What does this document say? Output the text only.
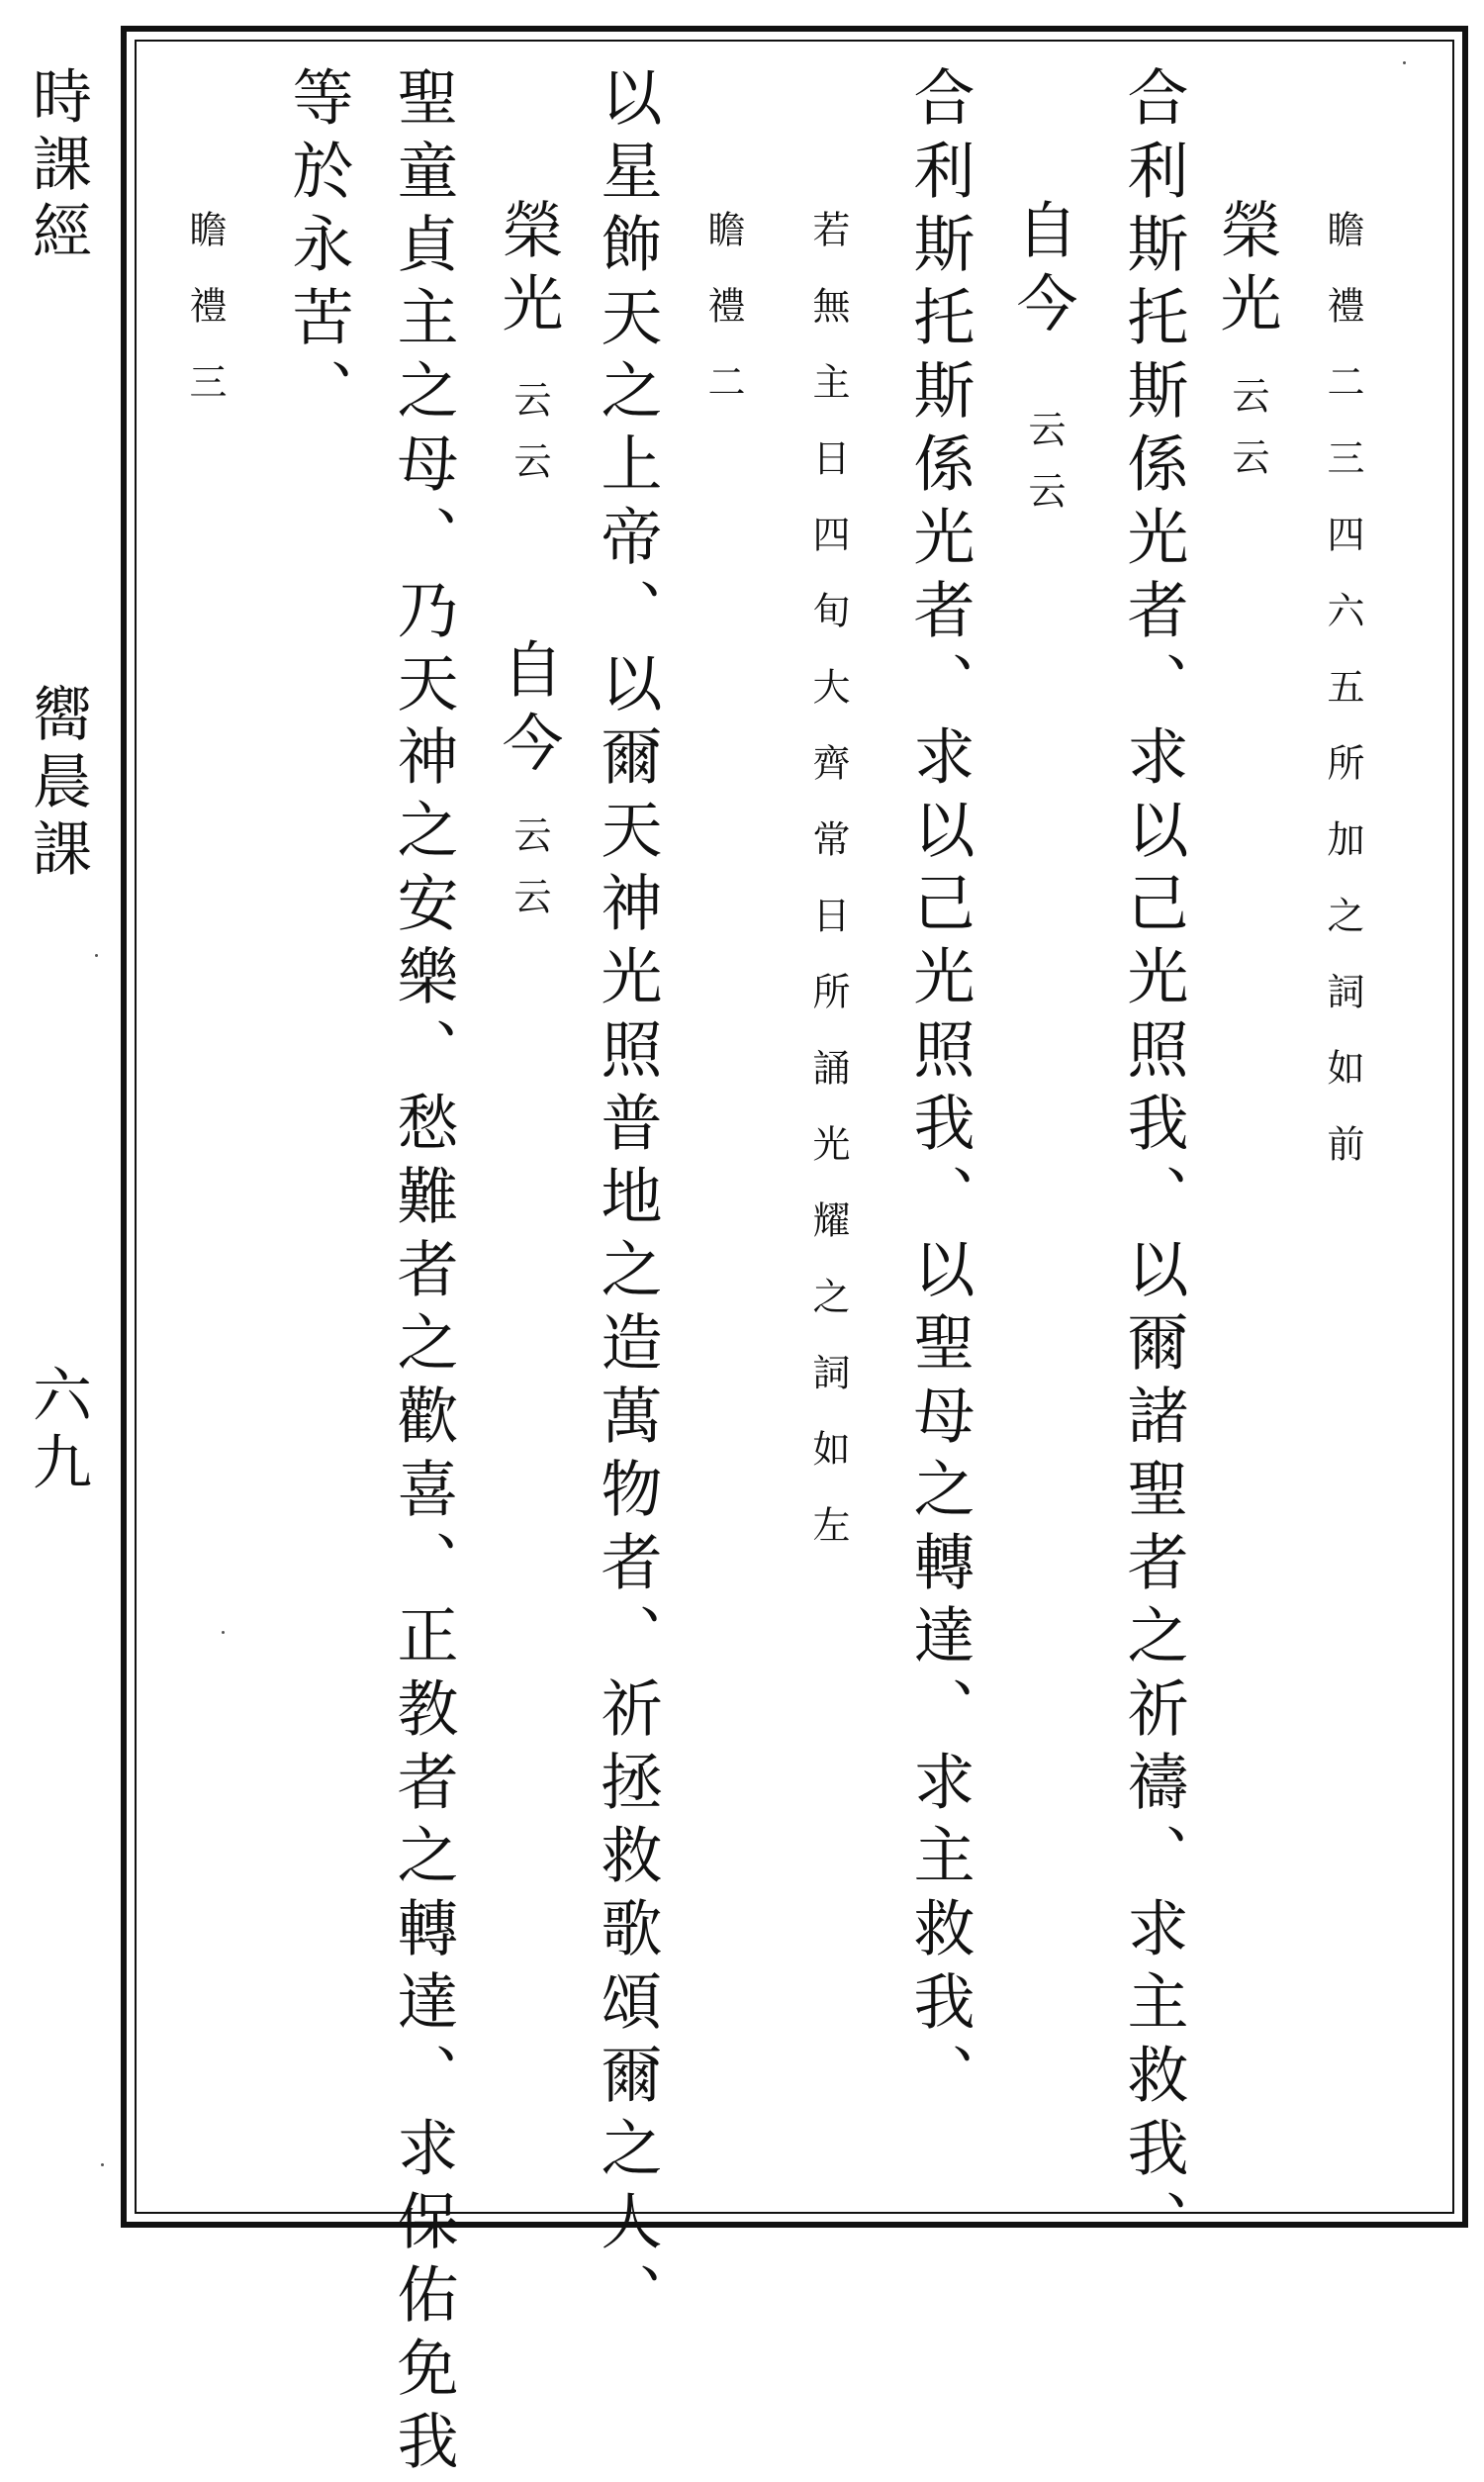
時課經
嚮晨課
六九
瞻禮二三四六五所加之詞如前
合利斯托斯係光者、求以己光照我、以爾諸聖者之祈禱、求主救我、 榮光
云云
自今
云云
合利斯托斯係光者、求以己光照我、以聖母之轉達、求主救我、
若無主日四旬大齊常日所誦光耀之詞如左
以星飾天之上帝、以爾天神光照普地之造萬物者、祈拯救歌頌爾之人、 瞻禮二
榮光
云云
自今
云云
聖童貞主之母、乃天神之安樂、愁難者之歡喜、正教者之轉達、求保佑免我
等於永苦、
瞻禮三
